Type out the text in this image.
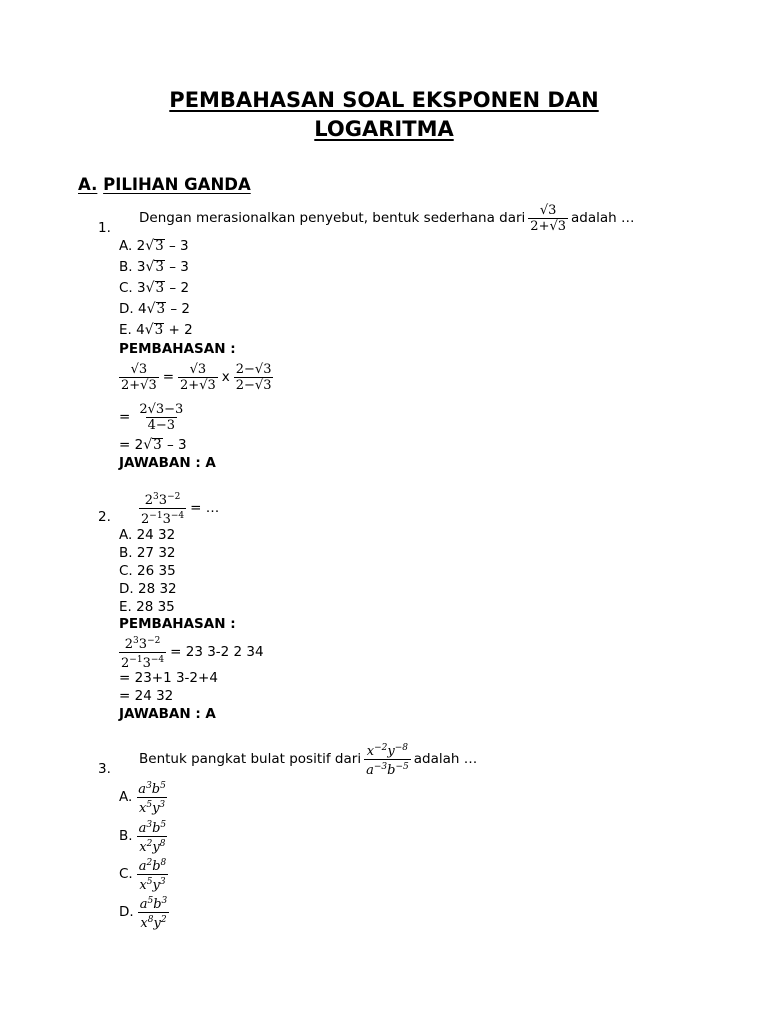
PEMBAHASAN SOAL EKSPONEN DAN
LOGARITMA
A. PILIHAN GANDA
1.
Dengan merasionalkan penyebut, bentuk sederhana dari $\frac{√3}{2+√3}$ adalah …
A. 2 √ 3 – 3
B. 3 √ 3 – 3
C. 3 √ 3 – 2
D. 4 √ 3 – 2
E. 4 √ 3 + 2
PEMBAHASAN :
$\frac{√3}{2+√3} = \frac{√3}{2+√3}$ x $\frac{2-√3}{2-√3}$
= $\frac{2√3-3}{4-3}$
= 2 √ 3 – 3
JAWABAN : A
2. $\frac{2^33^{-2}}{2^{-1}3^{-4}}$ = …
A. 24 32
B. 27 32
C. 26 35
D. 28 32
E. 28 35
PEMBAHASAN :
$\frac{2^33^{-2}}{2^{-1}3^{-4}} = 23$ 3-2 2 34
= 23+1 3-2+4
= 24 32
JAWABAN : A
3.
Bentuk pangkat bulat positif dari $\frac{x^{-2}y^{-8}}{a^{-3}b^{-5}}$ adalah …
A. $\frac{a^3b^5}{x^5y^3}$
B. $\frac{a^3b^5}{x^2y^8}$
C. $\frac{a^2b^8}{x^5y^3}$
D. $\frac{a^5b^3}{x^8y^2}$
